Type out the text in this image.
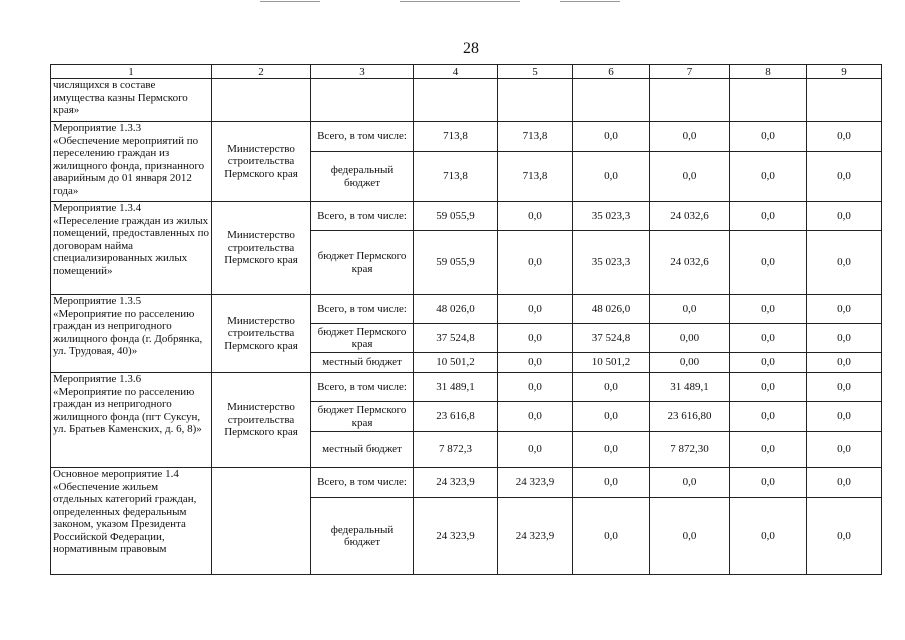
28
1	2	3	4	5	6	7	8	9
числящихся в составе имущества казны Пермского края»								
Мероприятие 1.3.3 «Обеспечение мероприятий по переселению граждан из жилищного фонда, признанного аварийным до 01 января 2012 года»	Министерство строительства Пермского края	Всего, в том числе:	713,8	713,8	0,0	0,0	0,0	0,0
		федеральный бюджет	713,8	713,8	0,0	0,0	0,0	0,0
Мероприятие 1.3.4 «Переселение граждан из жилых помещений, предоставленных по договорам найма специализированных жилых помещений»	Министерство строительства Пермского края	Всего, в том числе:	59 055,9	0,0	35 023,3	24 032,6	0,0	0,0
		бюджет Пермского края	59 055,9	0,0	35 023,3	24 032,6	0,0	0,0
Мероприятие 1.3.5 «Мероприятие по расселению граждан из непригодного жилищного фонда (г. Добрянка, ул. Трудовая, 40)»	Министерство строительства Пермского края	Всего, в том числе:	48 026,0	0,0	48 026,0	0,0	0,0	0,0
		бюджет Пермского края	37 524,8	0,0	37 524,8	0,00	0,0	0,0
		местный бюджет	10 501,2	0,0	10 501,2	0,00	0,0	0,0
Мероприятие 1.3.6 «Мероприятие по расселению граждан из непригодного жилищного фонда (пгт Суксун, ул. Братьев Каменских, д. 6, 8)»	Министерство строительства Пермского края	Всего, в том числе:	31 489,1	0,0	0,0	31 489,1	0,0	0,0
		бюджет Пермского края	23 616,8	0,0	0,0	23 616,80	0,0	0,0
		местный бюджет	7 872,3	0,0	0,0	7 872,30	0,0	0,0
Основное мероприятие 1.4 «Обеспечение жильем отдельных категорий граждан, определенных федеральным законом, указом Президента Российской Федерации, нормативным правовым		Всего, в том числе:	24 323,9	24 323,9	0,0	0,0	0,0	0,0
		федеральный бюджет	24 323,9	24 323,9	0,0	0,0	0,0	0,0
